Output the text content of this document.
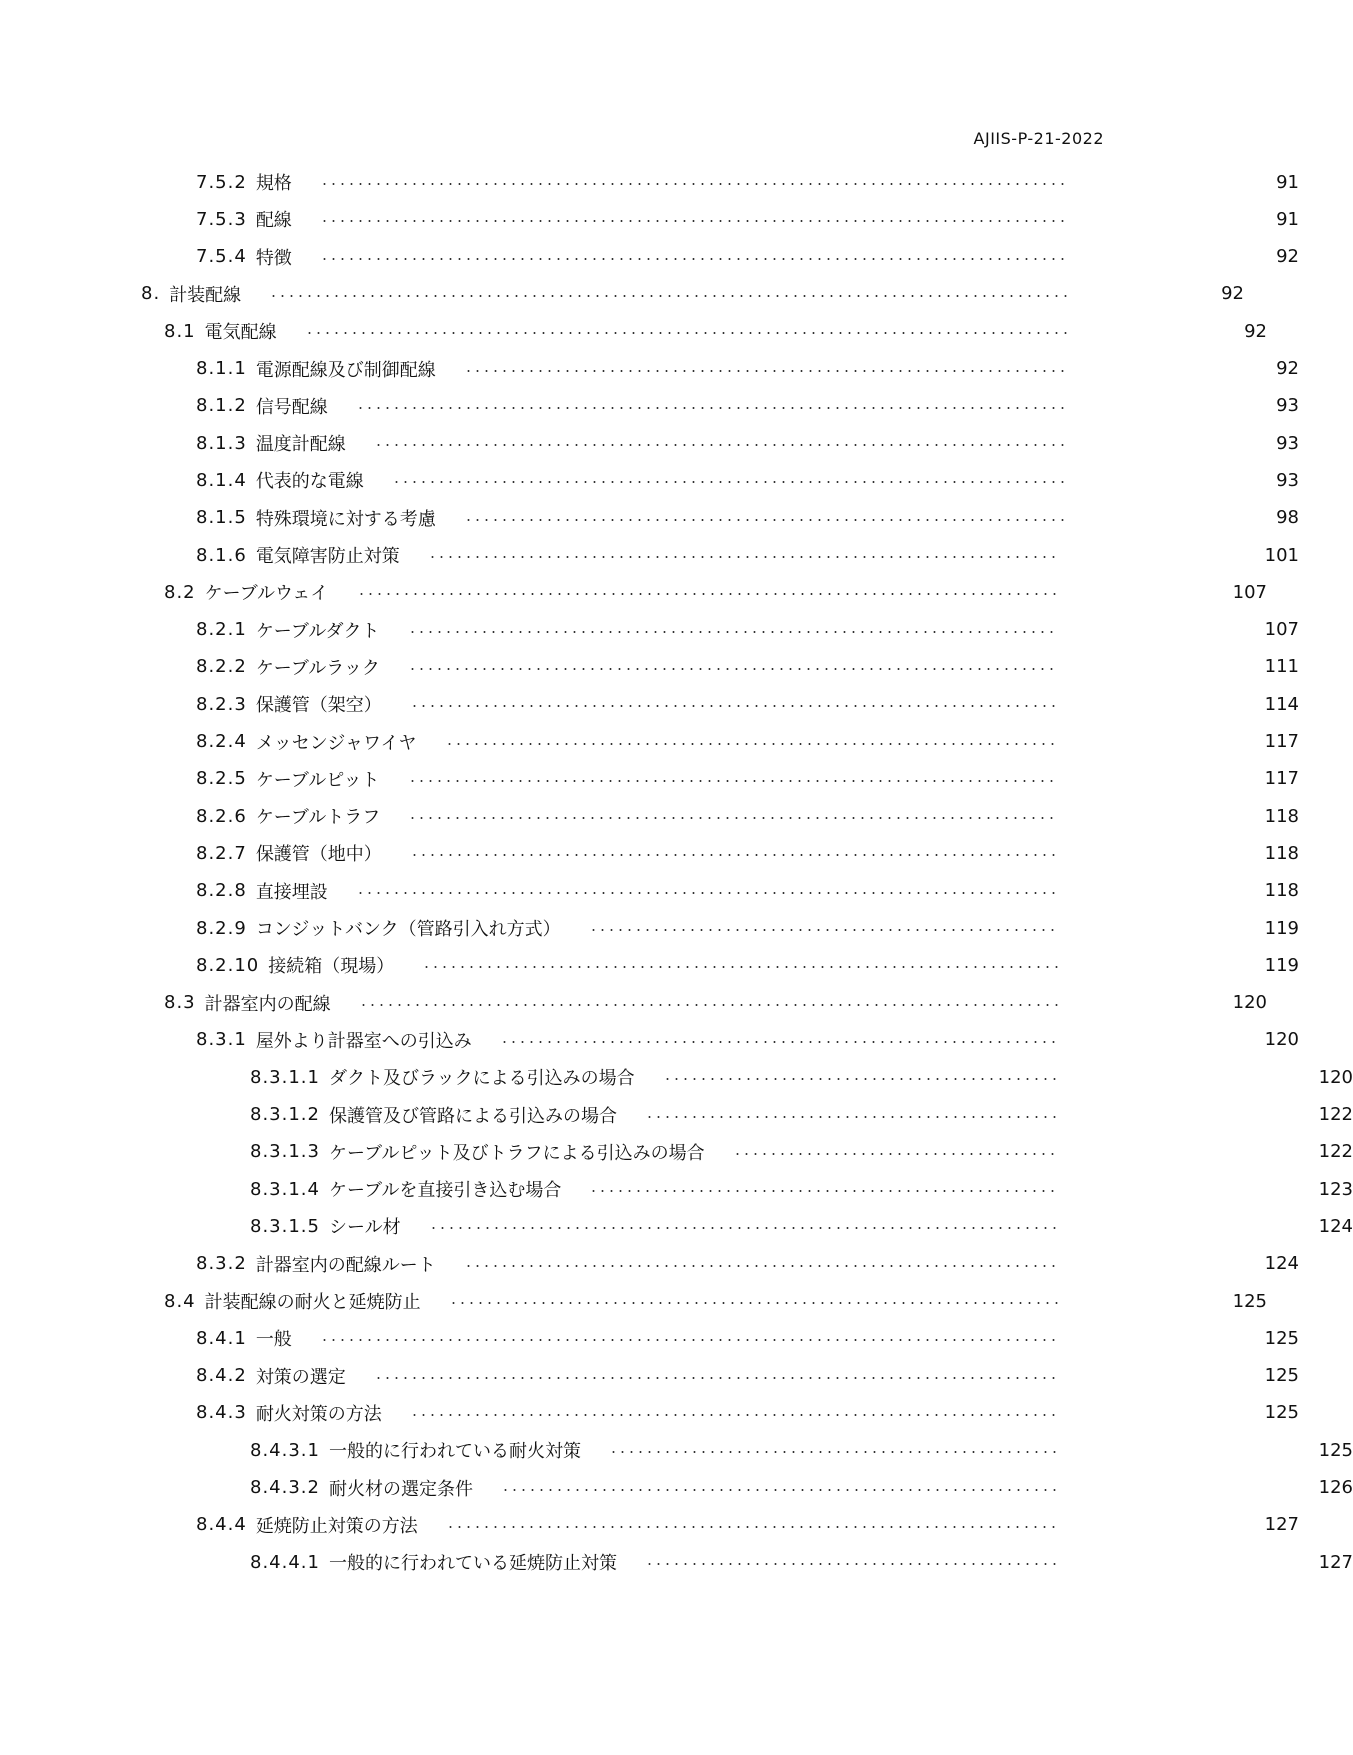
AJIIS-P-21-2022
7.5.2 規格	91
7.5.3 配線	91
7.5.4 特徴	92
8. 計装配線	92
8.1 電気配線	92
8.1.1 電源配線及び制御配線	92
8.1.2 信号配線	93
8.1.3 温度計配線	93
8.1.4 代表的な電線	93
8.1.5 特殊環境に対する考慮	98
8.1.6 電気障害防止対策	101
8.2 ケーブルウェイ	107
8.2.1 ケーブルダクト	107
8.2.2 ケーブルラック	111
8.2.3 保護管（架空）	114
8.2.4 メッセンジャワイヤ	117
8.2.5 ケーブルピット	117
8.2.6 ケーブルトラフ	118
8.2.7 保護管（地中）	118
8.2.8 直接埋設	118
8.2.9 コンジットバンク（管路引入れ方式）	119
8.2.10 接続箱（現場）	119
8.3 計器室内の配線	120
8.3.1 屋外より計器室への引込み	120
8.3.1.1 ダクト及びラックによる引込みの場合	120
8.3.1.2 保護管及び管路による引込みの場合	122
8.3.1.3 ケーブルピット及びトラフによる引込みの場合	122
8.3.1.4 ケーブルを直接引き込む場合	123
8.3.1.5 シール材	124
8.3.2 計器室内の配線ルート	124
8.4 計装配線の耐火と延焼防止	125
8.4.1 一般	125
8.4.2 対策の選定	125
8.4.3 耐火対策の方法	125
8.4.3.1 一般的に行われている耐火対策	125
8.4.3.2 耐火材の選定条件	126
8.4.4 延焼防止対策の方法	127
8.4.4.1 一般的に行われている延焼防止対策	127
